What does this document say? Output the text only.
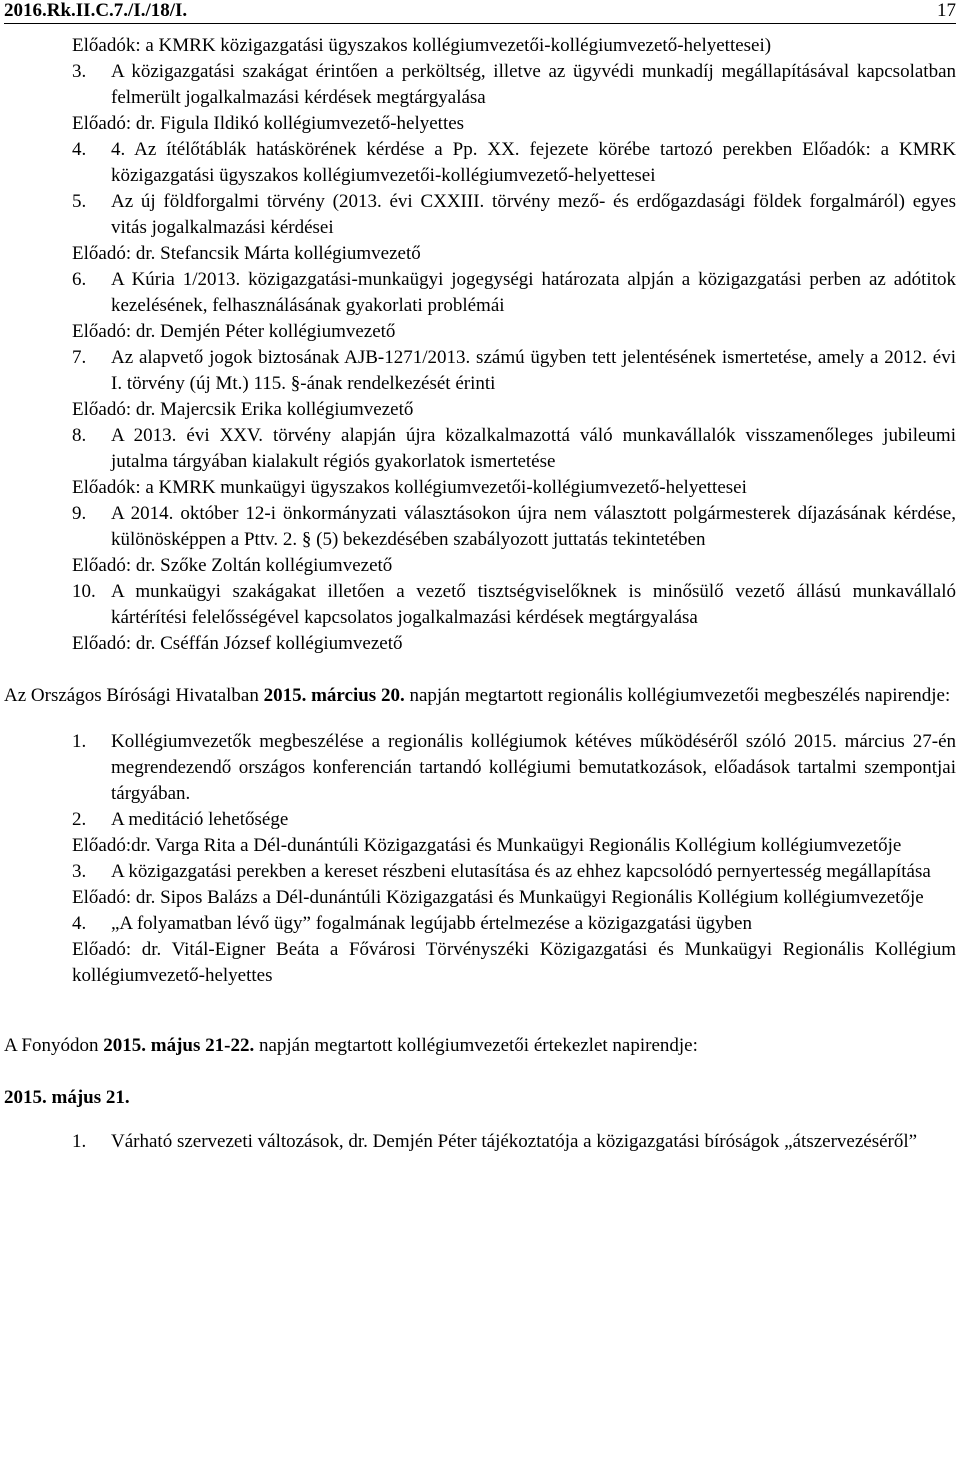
2016.Rk.II.C.7./I./18/I.	17
Előadók: a KMRK közigazgatási ügyszakos kollégiumvezetői-kollégiumvezető-helyettesei)
3. A közigazgatási szakágat érintően a perköltség, illetve az ügyvédi munkadíj megállapításával kapcsolatban felmerült jogalkalmazási kérdések megtárgyalása
Előadó: dr. Figula Ildikó kollégiumvezető-helyettes
4. 4. Az ítélőtáblák hatáskörének kérdése a Pp. XX. fejezete körébe tartozó perekben Előadók: a KMRK közigazgatási ügyszakos kollégiumvezetői-kollégiumvezető-helyettesei
5. Az új földforgalmi törvény (2013. évi CXXIII. törvény mező- és erdőgazdasági földek forgalmáról) egyes vitás jogalkalmazási kérdései
Előadó: dr. Stefancsik Márta kollégiumvezető
6. A Kúria 1/2013. közigazgatási-munkaügyi jogegységi határozata alpján a közigazgatási perben az adótitok kezelésének, felhasználásának gyakorlati problémái
Előadó: dr. Demjén Péter kollégiumvezető
7. Az alapvető jogok biztosának AJB-1271/2013. számú ügyben tett jelentésének ismertetése, amely a 2012. évi I. törvény (új Mt.) 115. §-ának rendelkezését érinti
Előadó: dr. Majercsik Erika kollégiumvezető
8. A 2013. évi XXV. törvény alapján újra közalkalmazottá váló munkavállalók visszamenőleges jubileumi jutalma tárgyában kialakult régiós gyakorlatok ismertetése
Előadók: a KMRK munkaügyi ügyszakos kollégiumvezetői-kollégiumvezető-helyettesei
9. A 2014. október 12-i önkormányzati választásokon újra nem választott polgármesterek díjazásának kérdése, különösképpen a Pttv. 2. § (5) bekezdésében szabályozott juttatás tekintetében
Előadó: dr. Szőke Zoltán kollégiumvezető
10. A munkaügyi szakágakat illetően a vezető tisztségviselőknek is minősülő vezető állású munkavállaló kártérítési felelősségével kapcsolatos jogalkalmazási kérdések megtárgyalása
Előadó: dr. Cséffán József kollégiumvezető
Az Országos Bírósági Hivatalban 2015. március 20. napján megtartott regionális kollégiumvezetői megbeszélés napirendje:
1. Kollégiumvezetők megbeszélése a regionális kollégiumok kétéves működéséről szóló 2015. március 27-én megrendezendő országos konferencián tartandó kollégiumi bemutatkozások, előadások tartalmi szempontjai tárgyában.
2. A meditáció lehetősége
Előadó:dr. Varga Rita a Dél-dunántúli Közigazgatási és Munkaügyi Regionális Kollégium kollégiumvezetője
3. A közigazgatási perekben a kereset részbeni elutasítása és az ehhez kapcsolódó pernyertesség megállapítása
Előadó: dr. Sipos Balázs a Dél-dunántúli Közigazgatási és Munkaügyi Regionális Kollégium kollégiumvezetője
4. „A folyamatban lévő ügy” fogalmának legújabb értelmezése a közigazgatási ügyben
Előadó: dr. Vitál-Eigner Beáta a Fővárosi Törvényszéki Közigazgatási és Munkaügyi Regionális Kollégium kollégiumvezető-helyettes
A Fonyódon 2015. május 21-22. napján megtartott kollégiumvezetői értekezlet napirendje:
2015. május 21.
1. Várható szervezeti változások, dr. Demjén Péter tájékoztatója a közigazgatási bíróságok „átszervezéséről”
